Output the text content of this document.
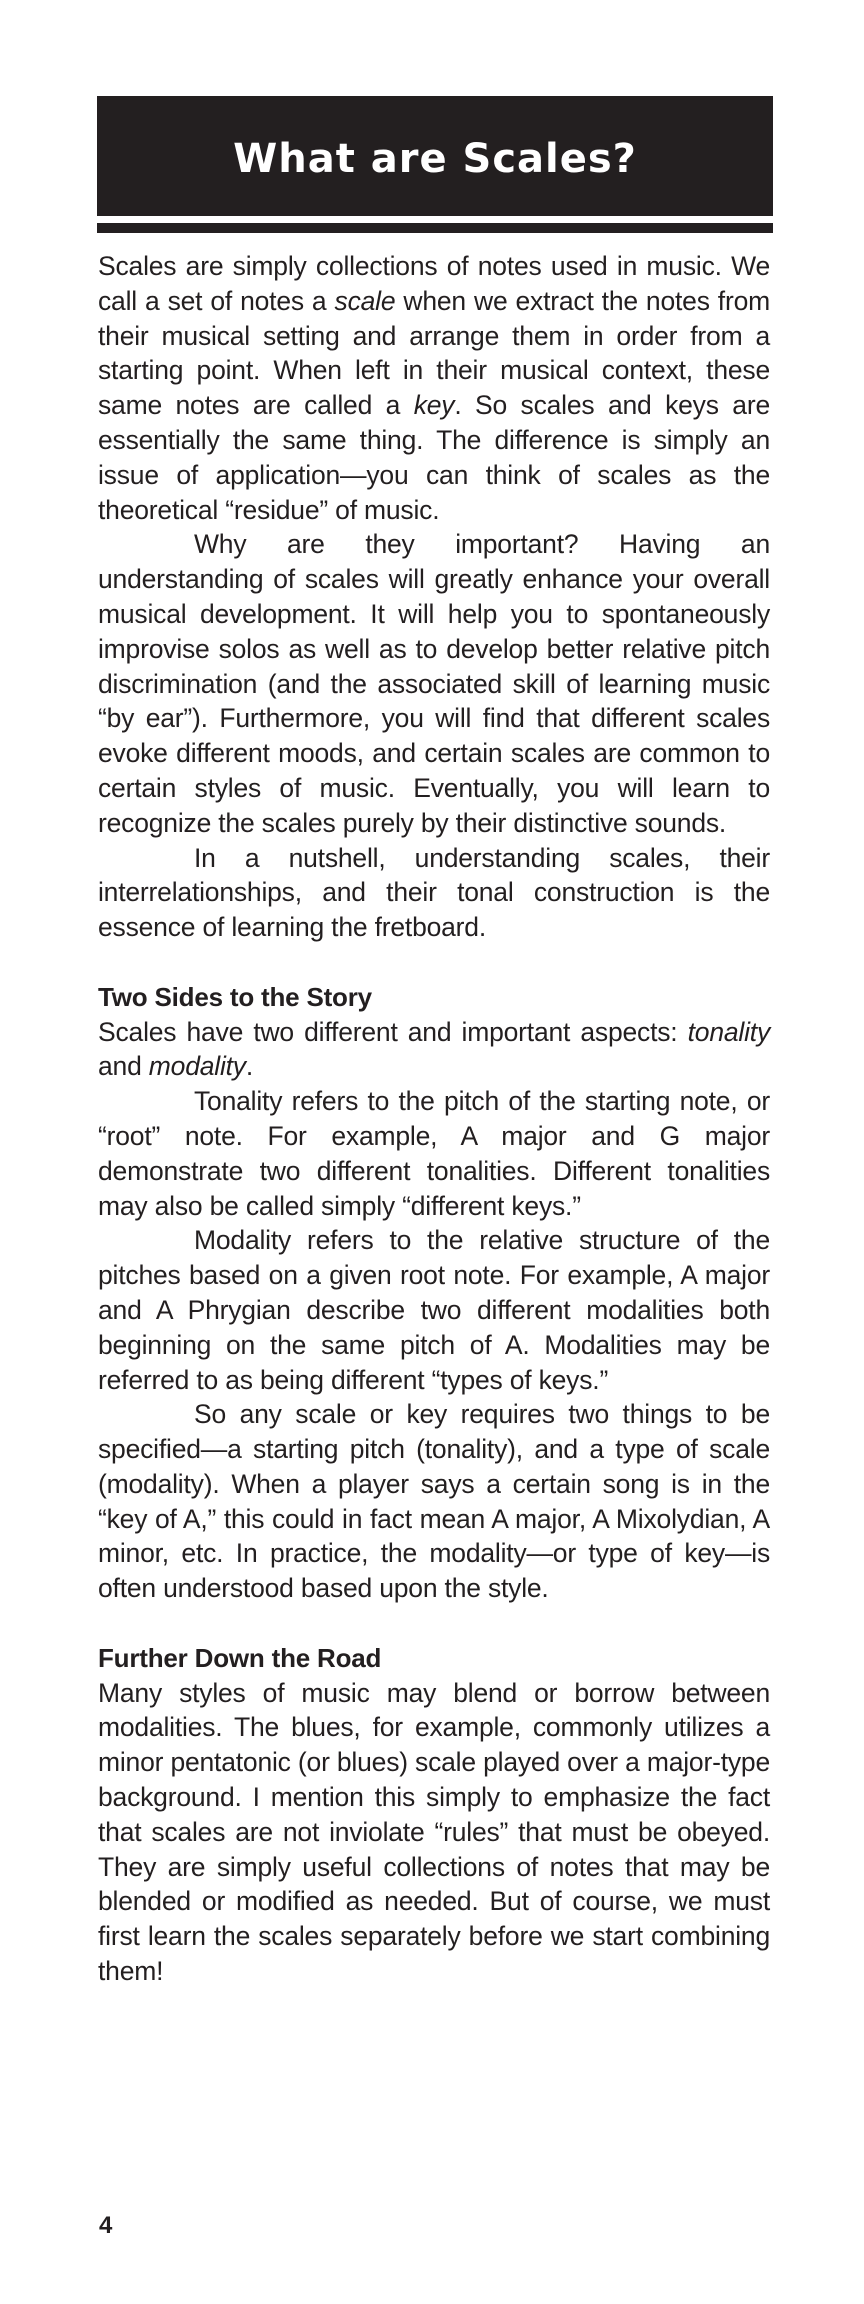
What are Scales?

Scales are simply collections of notes used in music. We call a set of notes a scale when we extract the notes from their musical setting and arrange them in order from a starting point. When left in their musical context, these same notes are called a key. So scales and keys are essentially the same thing. The difference is simply an issue of application—you can think of scales as the theoretical “residue” of music.

Why are they important? Having an understanding of scales will greatly enhance your overall musical development. It will help you to spontaneously improvise solos as well as to develop better relative pitch discrimination (and the associated skill of learning music “by ear”). Furthermore, you will find that different scales evoke different moods, and certain scales are common to certain styles of music. Eventually, you will learn to recognize the scales purely by their distinctive sounds.

In a nutshell, understanding scales, their interrelationships, and their tonal construction is the essence of learning the fretboard.

Two Sides to the Story

Scales have two different and important aspects: tonality and modality.

Tonality refers to the pitch of the starting note, or “root” note. For example, A major and G major demonstrate two different tonalities. Different tonalities may also be called simply “different keys.”

Modality refers to the relative structure of the pitches based on a given root note. For example, A major and A Phrygian describe two different modalities both beginning on the same pitch of A. Modalities may be referred to as being different “types of keys.”

So any scale or key requires two things to be specified—a starting pitch (tonality), and a type of scale (modality). When a player says a certain song is in the “key of A,” this could in fact mean A major, A Mixolydian, A minor, etc. In practice, the modality—or type of key—is often understood based upon the style.

Further Down the Road

Many styles of music may blend or borrow between modalities. The blues, for example, commonly utilizes a minor pentatonic (or blues) scale played over a major-type background. I mention this simply to emphasize the fact that scales are not inviolate “rules” that must be obeyed. They are simply useful collections of notes that may be blended or modified as needed. But of course, we must first learn the scales separately before we start combining them!

4
